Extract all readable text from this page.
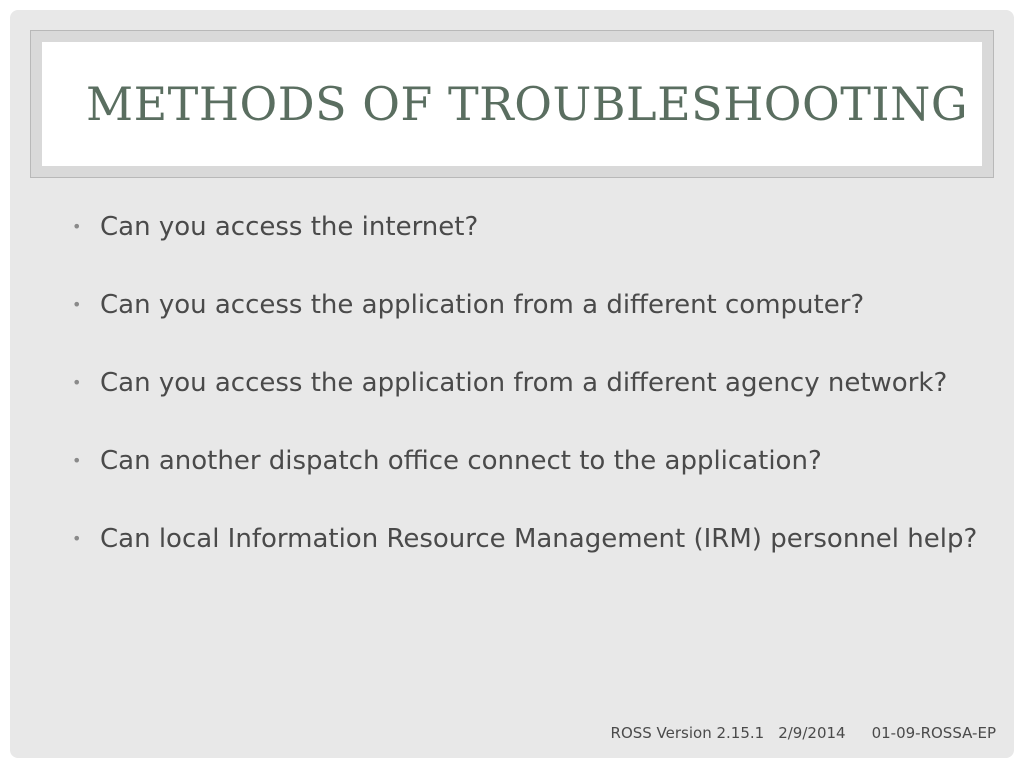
METHODS OF TROUBLESHOOTING
• Can you access the internet?
• Can you access the application from a different computer?
• Can you access the application from a different agency network?
• Can another dispatch office connect to the application?
• Can local Information Resource Management (IRM) personnel help?
ROSS Version 2.15.1 2/9/2014 01-09-ROSSA-EP
